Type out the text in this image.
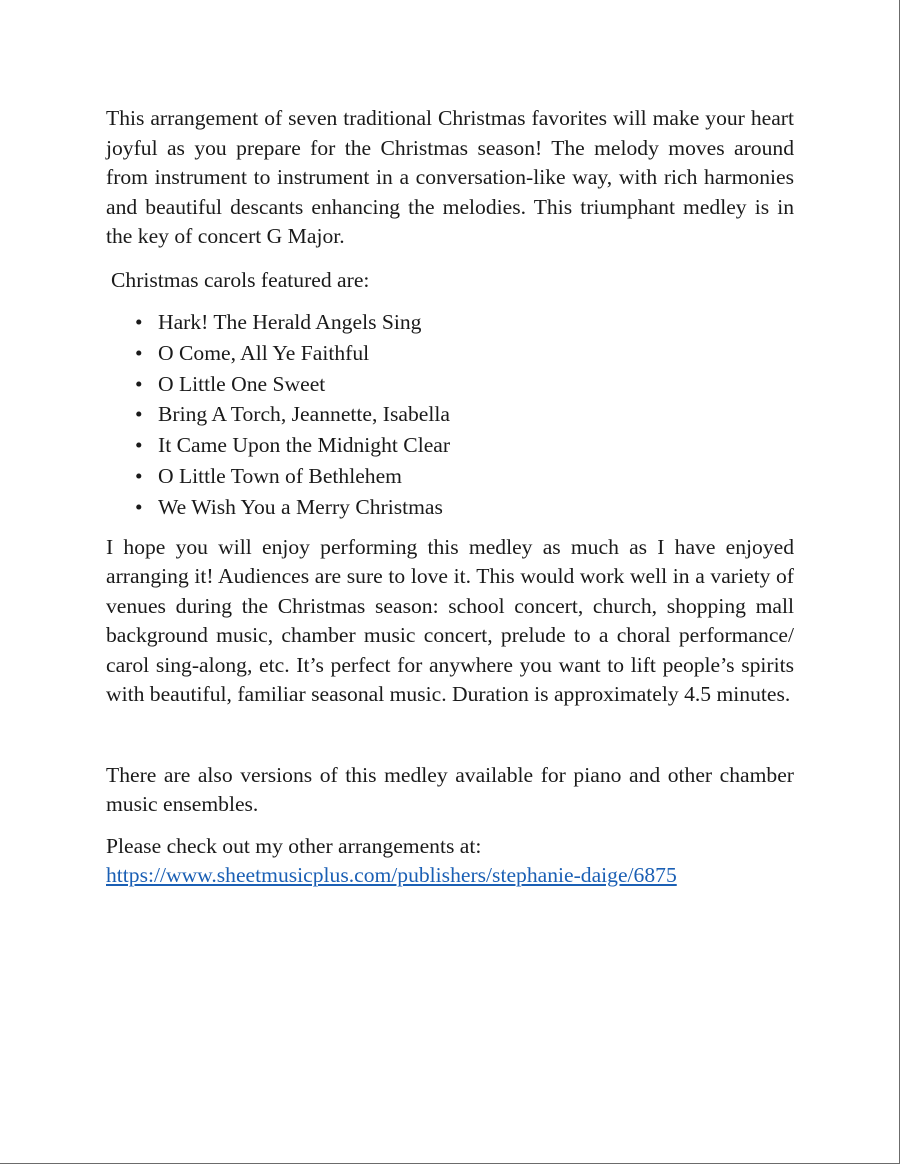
This arrangement of seven traditional Christmas favorites will make your heart joyful as you prepare for the Christmas season! The melody moves around from instrument to instrument in a conversation-like way, with rich harmonies and beautiful descants enhancing the melodies. This triumphant medley is in the key of concert G Major.

Christmas carols featured are:

• Hark! The Herald Angels Sing
• O Come, All Ye Faithful
• O Little One Sweet
• Bring A Torch, Jeannette, Isabella
• It Came Upon the Midnight Clear
• O Little Town of Bethlehem
• We Wish You a Merry Christmas

I hope you will enjoy performing this medley as much as I have enjoyed arranging it! Audiences are sure to love it. This would work well in a variety of venues during the Christmas season: school concert, church, shopping mall background music, chamber music concert, prelude to a choral performance/ carol sing-along, etc. It’s perfect for anywhere you want to lift people’s spirits with beautiful, familiar seasonal music. Duration is approximately 4.5 minutes.

There are also versions of this medley available for piano and other chamber music ensembles.

Please check out my other arrangements at:

https://www.sheetmusicplus.com/publishers/stephanie-daige/6875
